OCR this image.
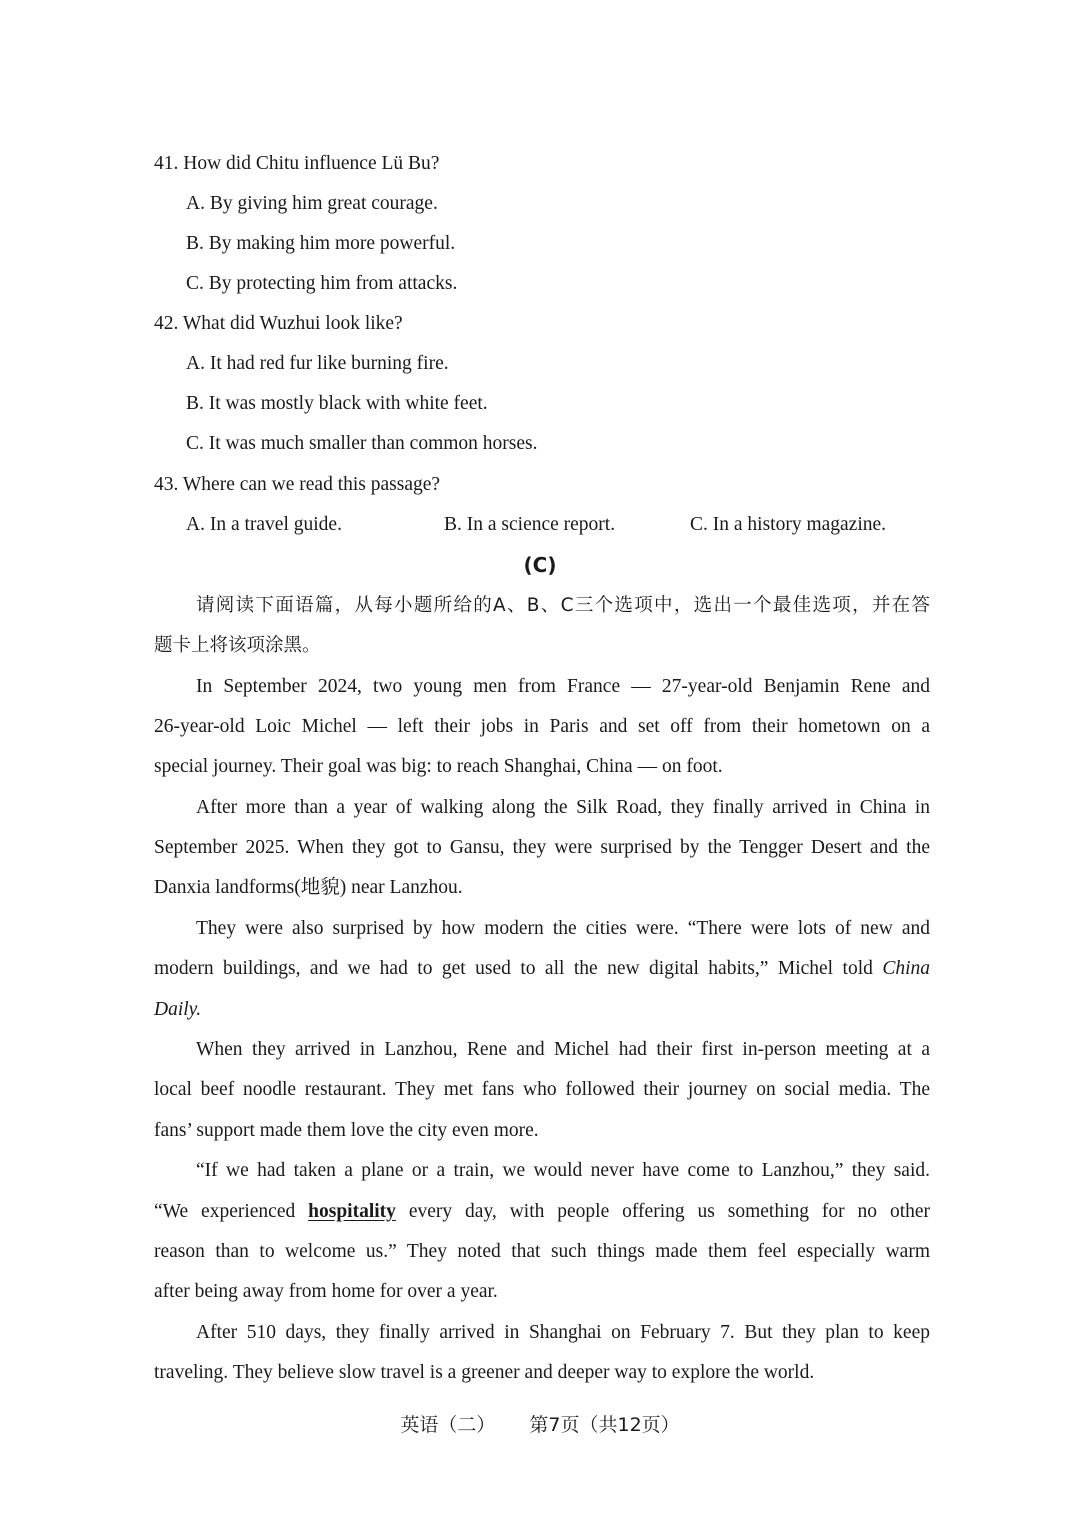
41. How did Chitu influence Lü Bu?
A. By giving him great courage.
B. By making him more powerful.
C. By protecting him from attacks.
42. What did Wuzhui look like?
A. It had red fur like burning fire.
B. It was mostly black with white feet.
C. It was much smaller than common horses.
43. Where can we read this passage?
A. In a travel guide.	B. In a science report.	C. In a history magazine.
(C)
请阅读下面语篇，从每小题所给的A、B、C三个选项中，选出一个最佳选项，并在答
题卡上将该项涂黑。
In September 2024, two young men from France — 27-year-old Benjamin Rene and
26-year-old Loic Michel — left their jobs in Paris and set off from their hometown on a
special journey. Their goal was big: to reach Shanghai, China — on foot.
After more than a year of walking along the Silk Road, they finally arrived in China in
September 2025. When they got to Gansu, they were surprised by the Tengger Desert and the
Danxia landforms(地貌) near Lanzhou.
They were also surprised by how modern the cities were. “There were lots of new and
modern buildings, and we had to get used to all the new digital habits,” Michel told China
Daily.
When they arrived in Lanzhou, Rene and Michel had their first in-person meeting at a
local beef noodle restaurant. They met fans who followed their journey on social media. The
fans’ support made them love the city even more.
“If we had taken a plane or a train, we would never have come to Lanzhou,” they said.
“We experienced hospitality every day, with people offering us something for no other
reason than to welcome us.” They noted that such things made them feel especially warm
after being away from home for over a year.
After 510 days, they finally arrived in Shanghai on February 7. But they plan to keep
traveling. They believe slow travel is a greener and deeper way to explore the world.
英语（二） 第7页（共12页）
